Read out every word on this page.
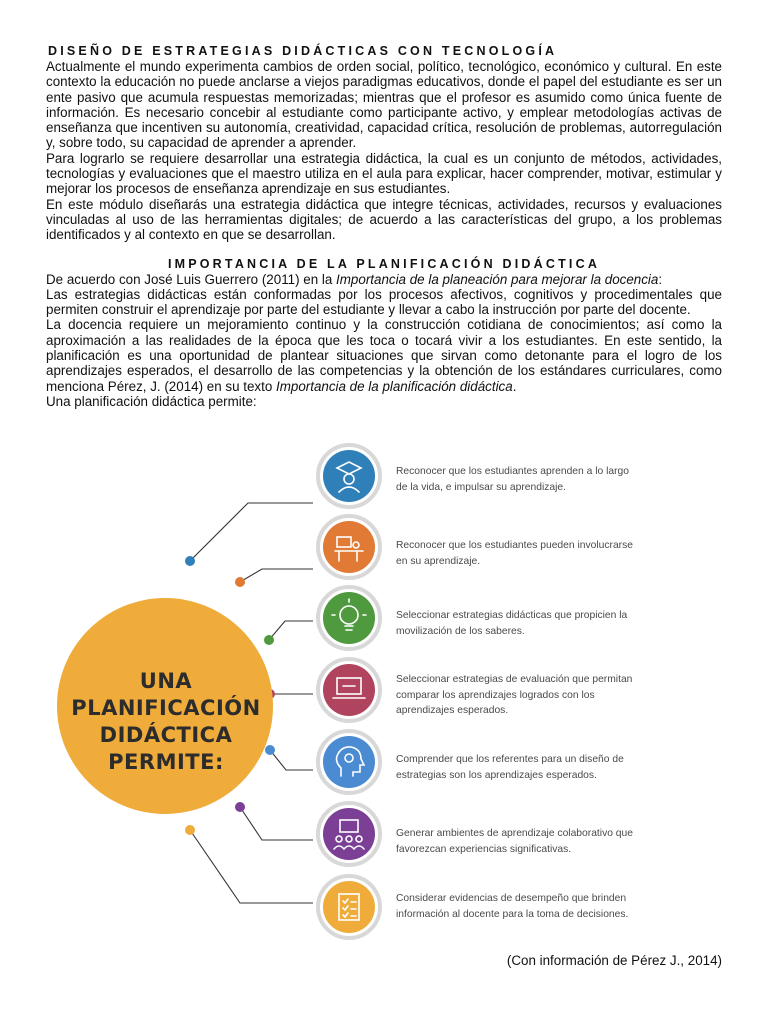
DISEÑO DE ESTRATEGIAS DIDÁCTICAS CON TECNOLOGÍA

Actualmente el mundo experimenta cambios de orden social, político, tecnológico, económico y cultural. En este contexto la educación no puede anclarse a viejos paradigmas educativos, donde el papel del estudiante es ser un ente pasivo que acumula respuestas memorizadas; mientras que el profesor es asumido como única fuente de información. Es necesario concebir al estudiante como participante activo, y emplear metodologías activas de enseñanza que incentiven su autonomía, creatividad, capacidad crítica, resolución de problemas, autorregulación y, sobre todo, su capacidad de aprender a aprender.

Para lograrlo se requiere desarrollar una estrategia didáctica, la cual es un conjunto de métodos, actividades, tecnologías y evaluaciones que el maestro utiliza en el aula para explicar, hacer comprender, motivar, estimular y mejorar los procesos de enseñanza aprendizaje en sus estudiantes.

En este módulo diseñarás una estrategia didáctica que integre técnicas, actividades, recursos y evaluaciones vinculadas al uso de las herramientas digitales; de acuerdo a las características del grupo, a los problemas identificados y al contexto en que se desarrollan.

IMPORTANCIA DE LA PLANIFICACIÓN DIDÁCTICA

De acuerdo con José Luis Guerrero (2011) en la Importancia de la planeación para mejorar la docencia:

Las estrategias didácticas están conformadas por los procesos afectivos, cognitivos y procedimentales que permiten construir el aprendizaje por parte del estudiante y llevar a cabo la instrucción por parte del docente.

La docencia requiere un mejoramiento continuo y la construcción cotidiana de conocimientos; así como la aproximación a las realidades de la época que les toca o tocará vivir a los estudiantes. En este sentido, la planificación es una oportunidad de plantear situaciones que sirvan como detonante para el logro de los aprendizajes esperados, el desarrollo de las competencias y la obtención de los estándares curriculares, como menciona Pérez, J. (2014) en su texto Importancia de la planificación didáctica.

Una planificación didáctica permite:

UNA PLANIFICACIÓN
DIDÁCTICA PERMITE:
Reconocer que los estudiantes aprenden a lo largo de la vida, e impulsar su aprendizaje.
Reconocer que los estudiantes pueden involucrarse en su aprendizaje.
Seleccionar estrategias didácticas que propicien la movilización de los saberes.
Seleccionar estrategias de evaluación que permitan comparar los aprendizajes logrados con los aprendizajes esperados.
Comprender que los referentes para un diseño de estrategias son los aprendizajes esperados.
Generar ambientes de aprendizaje colaborativo que favorezcan experiencias significativas.
Considerar evidencias de desempeño que brinden información al docente para la toma de decisiones.
(Con información de Pérez J., 2014)
